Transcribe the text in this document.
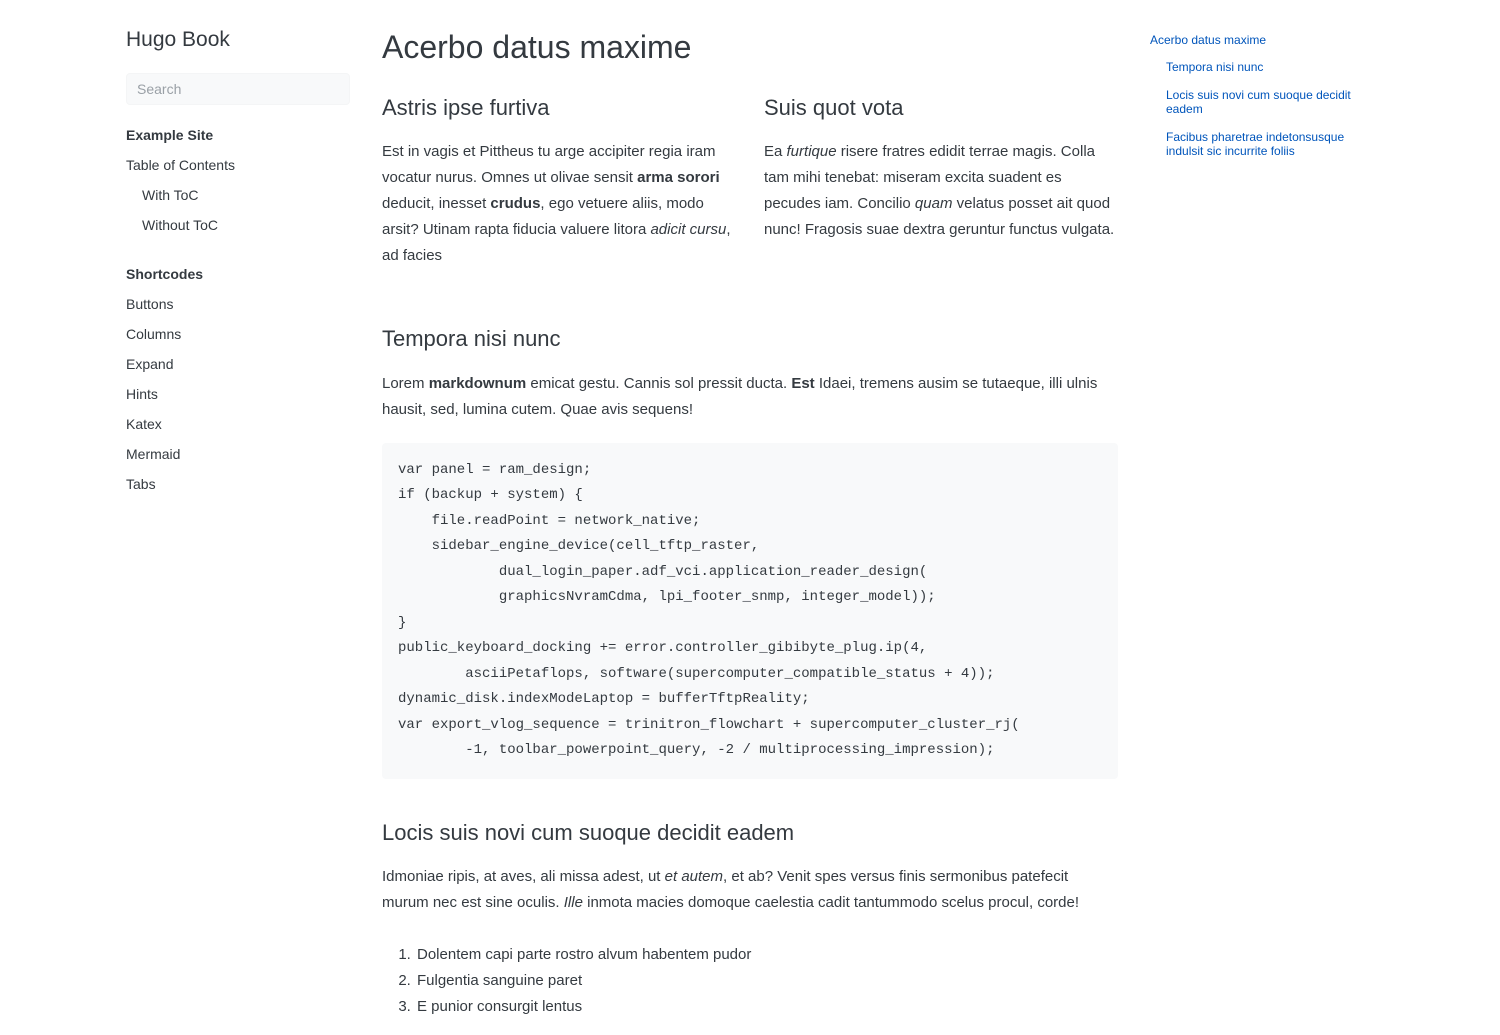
Hugo Book
Search
Example Site
Table of Contents
With ToC
Without ToC
Shortcodes
Buttons
Columns
Expand
Hints
Katex
Mermaid
Tabs
Acerbo datus maxime
Astris ipse furtiva

Est in vagis et Pittheus tu arge accipiter regia iram vocatur nurus. Omnes ut olivae sensit arma sorori deducit, inesset crudus, ego vetuere aliis, modo arsit? Utinam rapta fiducia valuere litora adicit cursu, ad facies

Suis quot vota

Ea furtique risere fratres edidit terrae magis. Colla tam mihi tenebat: miseram excita suadent es pecudes iam. Concilio quam velatus posset ait quod nunc! Fragosis suae dextra geruntur functus vulgata.

Tempora nisi nunc

Lorem markdownum emicat gestu. Cannis sol pressit ducta. Est Idaei, tremens ausim se tutaeque, illi ulnis hausit, sed, lumina cutem. Quae avis sequens!

var panel = ram_design;
if (backup + system) {
file.readPoint = network_native;
sidebar_engine_device(cell_tftp_raster,
dual_login_paper.adf_vci.application_reader_design(
graphicsNvramCdma, lpi_footer_snmp, integer_model));
}
public_keyboard_docking += error.controller_gibibyte_plug.ip(4,
asciiPetaflops, software(supercomputer_compatible_status + 4));
dynamic_disk.indexModeLaptop = bufferTftpReality;
var export_vlog_sequence = trinitron_flowchart + supercomputer_cluster_rj(
-1, toolbar_powerpoint_query, -2 / multiprocessing_impression);
Locis suis novi cum suoque decidit eadem

Idmoniae ripis, at aves, ali missa adest, ut et autem, et ab? Venit spes versus finis sermonibus patefecit murum nec est sine oculis. Ille inmota macies domoque caelestia cadit tantummodo scelus procul, corde!

1. Dolentem capi parte rostro alvum habentem pudor
2. Fulgentia sanguine paret
3. E punior consurgit lentus
Acerbo datus maxime
Tempora nisi nunc
Locis suis novi cum suoque decidit eadem
Facibus pharetrae indetonsusque indulsit sic incurrite foliis
